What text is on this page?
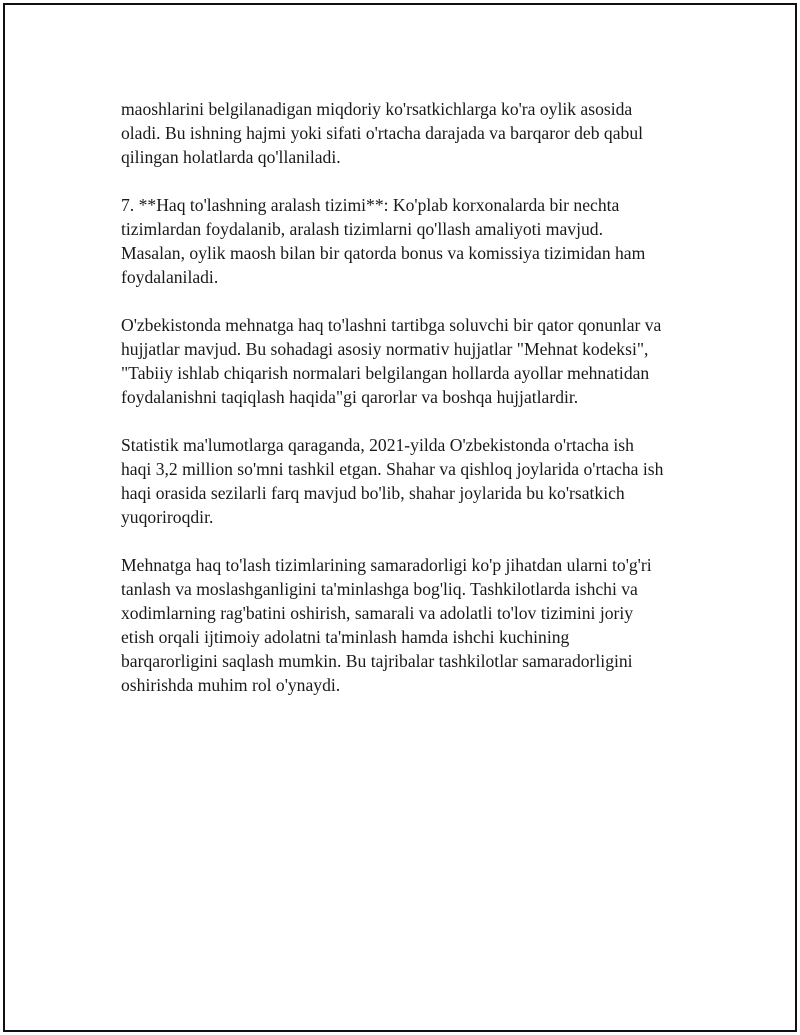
maoshlarini belgilanadigan miqdoriy ko'rsatkichlarga ko'ra oylik asosida
oladi. Bu ishning hajmi yoki sifati o'rtacha darajada va barqaror deb qabul
qilingan holatlarda qo'llaniladi.

7. **Haq to'lashning aralash tizimi**: Ko'plab korxonalarda bir nechta
tizimlardan foydalanib, aralash tizimlarni qo'llash amaliyoti mavjud.
Masalan, oylik maosh bilan bir qatorda bonus va komissiya tizimidan ham
foydalaniladi.

O'zbekistonda mehnatga haq to'lashni tartibga soluvchi bir qator qonunlar va
hujjatlar mavjud. Bu sohadagi asosiy normativ hujjatlar "Mehnat kodeksi",
"Tabiiy ishlab chiqarish normalari belgilangan hollarda ayollar mehnatidan
foydalanishni taqiqlash haqida"gi qarorlar va boshqa hujjatlardir.

Statistik ma'lumotlarga qaraganda, 2021-yilda O'zbekistonda o'rtacha ish
haqi 3,2 million so'mni tashkil etgan. Shahar va qishloq joylarida o'rtacha ish
haqi orasida sezilarli farq mavjud bo'lib, shahar joylarida bu ko'rsatkich
yuqoriroqdir.

Mehnatga haq to'lash tizimlarining samaradorligi ko'p jihatdan ularni to'g'ri
tanlash va moslashganligini ta'minlashga bog'liq. Tashkilotlarda ishchi va
xodimlarning rag'batini oshirish, samarali va adolatli to'lov tizimini joriy
etish orqali ijtimoiy adolatni ta'minlash hamda ishchi kuchining
barqarorligini saqlash mumkin. Bu tajribalar tashkilotlar samaradorligini
oshirishda muhim rol o'ynaydi.
